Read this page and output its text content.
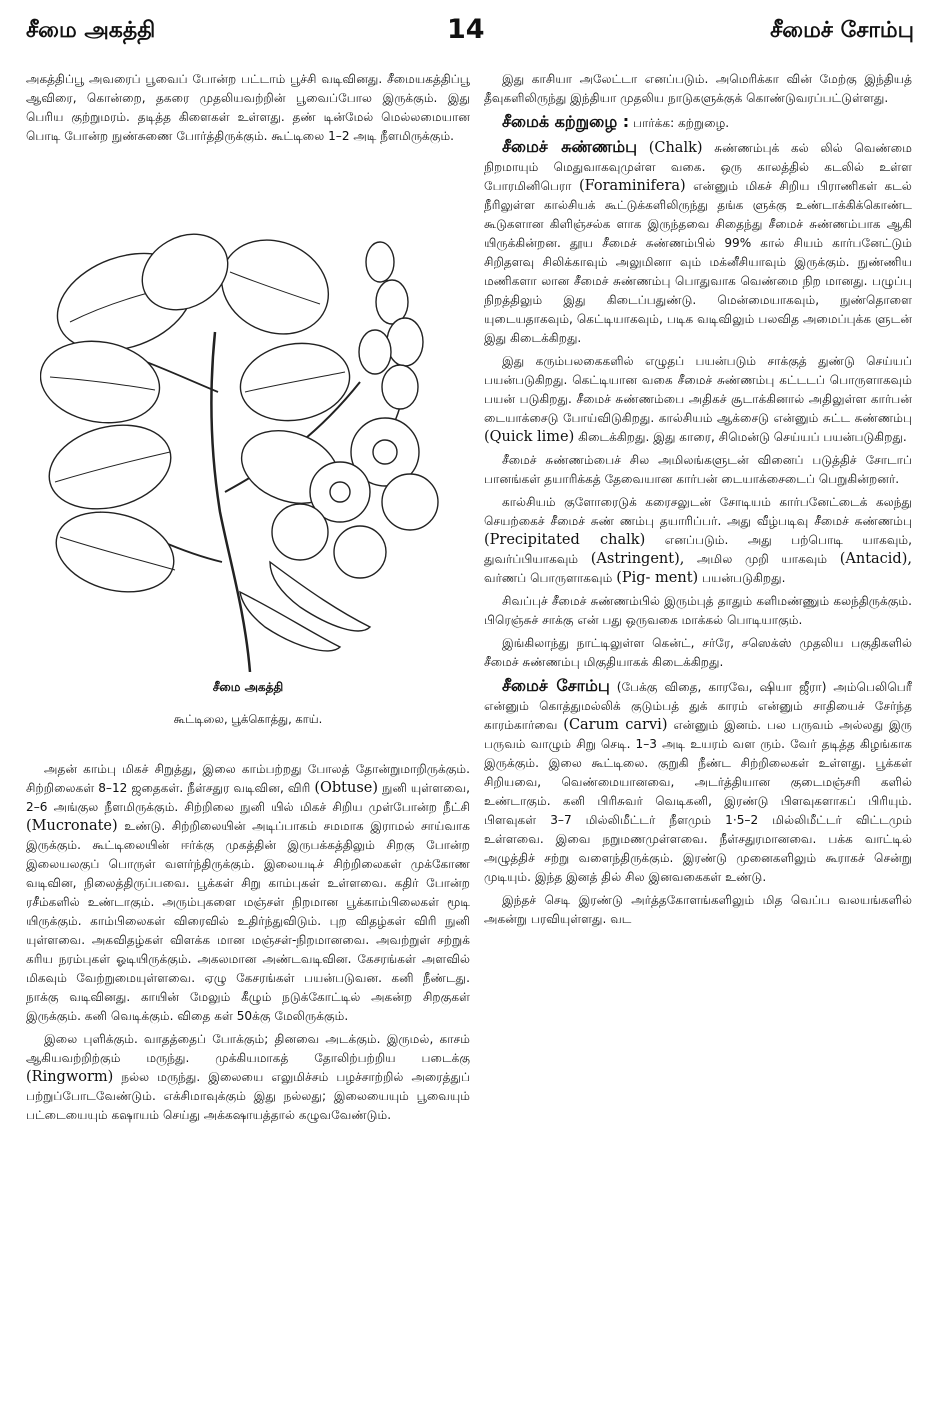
சீமை அகத்தி	14	சீமைச் சோம்பு

அகத்திப்பூ அவரைப் பூவைப் போன்ற பட்டாம் பூச்சி வடிவினது. சீமையகத்திப்பூ ஆவிரை, கொன்றை, தகரை முதலியவற்றின் பூவைப்போல இருக்கும். இது பெரிய குற்றுமரம். தடித்த கிளைகள் உள்ளது. தண் டின்மேல் மெல்லமையான பொடி போன்ற நுண்சுணை போர்த்திருக்கும். கூட்டிலை 1–2 அடி நீளமிருக்கும்.

சீமை அகத்தி
கூட்டிலை, பூக்கொத்து, காய்.

அதன் காம்பு மிகச் சிறுத்து, இலை காம்பற்றது போலத் தோன்றுமாறிருக்கும். சிற்றிலைகள் 8–12 ஜதைகள். நீள்சதுர வடிவின, விரி (Obtuse) நுனி யுள்ளவை, 2–6 அங்குல நீளமிருக்கும். சிற்றிலை நுனி யில் மிகச் சிறிய முள்போன்ற நீட்சி (Mucronate) உண்டு. சிற்றிலையின் அடிப்பாகம் சமமாக இராமல் சாய்வாக இருக்கும். கூட்டிலையின் ஈர்க்கு முகத்தின் இருபக்கத்திலும் சிறகு போன்ற இலையலகுப் பொருள் வளர்ந்திருக்கும். இலையடிச் சிற்றிலைகள் முக்கோண வடிவின, நிலைத்திருப்பவை. பூக்கள் சிறு காம்புகள் உள்ளவை. கதிர் போன்ற ரசீம்களில் உண்டாகும். அரும்புகளை மஞ்சள் நிறமான பூக்காம்பிலைகள் மூடி யிருக்கும். காம்பிலைகள் விரைவில் உதிர்ந்துவிடும். புற விதழ்கள் விரி நுனி யுள்ளவை. அகவிதழ்கள் விளக்க மான மஞ்சள்-நிறமானவை. அவற்றுள் சற்றுக் கரிய நரம்புகள் ஓடியிருக்கும். அகலமான அண்டவடிவின. கேசரங்கள் அளவில் மிகவும் வேற்றுமையுள்ளவை. ஏழு கேசரங்கள் பயன்படுவன. கனி நீண்டது. நாக்கு வடிவினது. காயின் மேலும் கீழும் நடுக்கோட்டில் அகன்ற சிறகுகள் இருக்கும். கனி வெடிக்கும். விதை கள் 50க்கு மேலிருக்கும்.

இலை புளிக்கும். வாதத்தைப் போக்கும்; தினவை அடக்கும். இருமல், காசம் ஆகியவற்றிற்கும் மருந்து. முக்கியமாகத் தோலிற்பற்றிய படைக்கு (Ringworm) நல்ல மருந்து. இலையை எலுமிச்சம் பழச்சாற்றில் அரைத்துப் பற்றுப்போடவேண்டும். எக்சிமாவுக்கும் இது நல்லது; இலையையும் பூவையும் பட்டையையும் கஷாயம் செய்து அக்கஷாயத்தால் கழுவவேண்டும்.

இது காசியா அலேட்டா எனப்படும். அமெரிக்கா வின் மேற்கு இந்தியத் தீவுகளிலிருந்து இந்தியா முதலிய நாடுகளுக்குக் கொண்டுவரப்பட்டுள்ளது.

சீமைக் கற்றுழை : பார்க்க: கற்றுழை.

சீமைச் சுண்ணம்பு (Chalk) சுண்ணம்புக் கல் லில் வெண்மை நிறமாயும் மெதுவாகவுமுள்ள வகை. ஒரு காலத்தில் கடலில் உள்ள போரமினிபெரா (Foraminifera) என்னும் மிகச் சிறிய பிராணிகள் கடல் நீரிலுள்ள கால்சியக் கூட்டுக்களிலிருந்து தங்க ளுக்கு உண்டாக்கிக்கொண்ட கூடுகளான கிளிஞ்சல்க ளாக இருந்தவை சிதைந்து சீமைச் சுண்ணம்பாக ஆகி யிருக்கின்றன. தூய சீமைச் சுண்ணம்பில் 99% கால் சியம் கார்பனேட்டும் சிறிதளவு சிலிக்காவும் அலுமினா வும் மக்னீசியாவும் இருக்கும். நுண்ணிய மணிகளா லான சீமைச் சுண்ணம்பு பொதுவாக வெண்மை நிற மானது. பழுப்பு நிறத்திலும் இது கிடைப்பதுண்டு. மென்மையாகவும், நுண்தொளை யுடையதாகவும், கெட்டியாகவும், படிக வடிவிலும் பலவித அமைப்புக்க ளுடன் இது கிடைக்கிறது.

இது கரும்பலகைகளில் எழுதப் பயன்படும் சாக்குத் துண்டு செய்யப் பயன்படுகிறது. கெட்டியான வகை சீமைச் சுண்ணம்பு கட்டடப் பொருளாகவும் பயன் படுகிறது. சீமைச் சுண்ணம்பை அதிகச் சூடாக்கினால் அதிலுள்ள கார்பன் டையாக்சைடு போய்விடுகிறது. கால்சியம் ஆக்சைடு என்னும் சுட்ட சுண்ணம்பு (Quick lime) கிடைக்கிறது. இது காரை, சிமென்டு செய்யப் பயன்படுகிறது.

சீமைச் சுண்ணம்பைச் சில அமிலங்களுடன் வினைப் படுத்திச் சோடாப் பானங்கள் தயாரிக்கத் தேவையான கார்பன் டையாக்சைடைப் பெறுகின்றனர்.

கால்சியம் குளோரைடுக் கரைசலுடன் சோடியம் கார்பனேட்டைக் கலந்து செயற்கைச் சீமைச் சுண் ணம்பு தயாரிப்பர். அது வீழ்படிவு சீமைச் சுண்ணம்பு (Precipitated chalk) எனப்படும். அது பற்பொடி யாகவும், துவர்ப்பியாகவும் (Astringent), அமில முறி யாகவும் (Antacid), வர்ணப் பொருளாகவும் (Pig- ment) பயன்படுகிறது.

சிவப்புச் சீமைச் சுண்ணம்பில் இரும்புத் தாதும் களிமண்ணும் கலந்திருக்கும். பிரெஞ்சுச் சாக்கு என் பது ஒருவகை மாக்கல் பொடியாகும்.

இங்கிலாந்து நாட்டிலுள்ள கென்ட், சர்ரே, சஸெக்ஸ் முதலிய பகுதிகளில் சீமைச் சுண்ணம்பு மிகுதியாகக் கிடைக்கிறது.

சீமைச் சோம்பு (பேக்கு விதை, காரவே, ஷியா ஜீரா) அம்பெலிபெரீ என்னும் கொத்துமல்லிக் குடும்பத் துக் காரம் என்னும் சாதியைச் சேர்ந்த காரம்கார்வை (Carum carvi) என்னும் இனம். பல பருவம் அல்லது இரு பருவம் வாழும் சிறு செடி. 1–3 அடி உயரம் வள ரும். வேர் தடித்த கிழங்காக இருக்கும். இலை கூட்டிலை. குறுகி நீண்ட சிற்றிலைகள் உள்ளது. பூக்கள் சிறியவை, வெண்மையானவை, அடர்த்தியான குடைமஞ்சரி களில் உண்டாகும். கனி பிரிசுவர் வெடிகனி, இரண்டு பிளவுகளாகப் பிரியும். பிளவுகள் 3–7 மில்லிமீட்டர் நீளமும் 1·5–2 மில்லிமீட்டர் விட்டமும் உள்ளவை. இவை நறுமணமுள்ளவை. நீள்சதுரமானவை. பக்க வாட்டில் அழுத்திச் சற்று வளைந்திருக்கும். இரண்டு முனைகளிலும் கூராகச் சென்று முடியும். இந்த இனத் தில் சில இனவகைகள் உண்டு.

இந்தச் செடி இரண்டு அர்த்தகோளங்களிலும் மித வெப்ப வலயங்களில் அகன்று பரவியுள்ளது. வட
